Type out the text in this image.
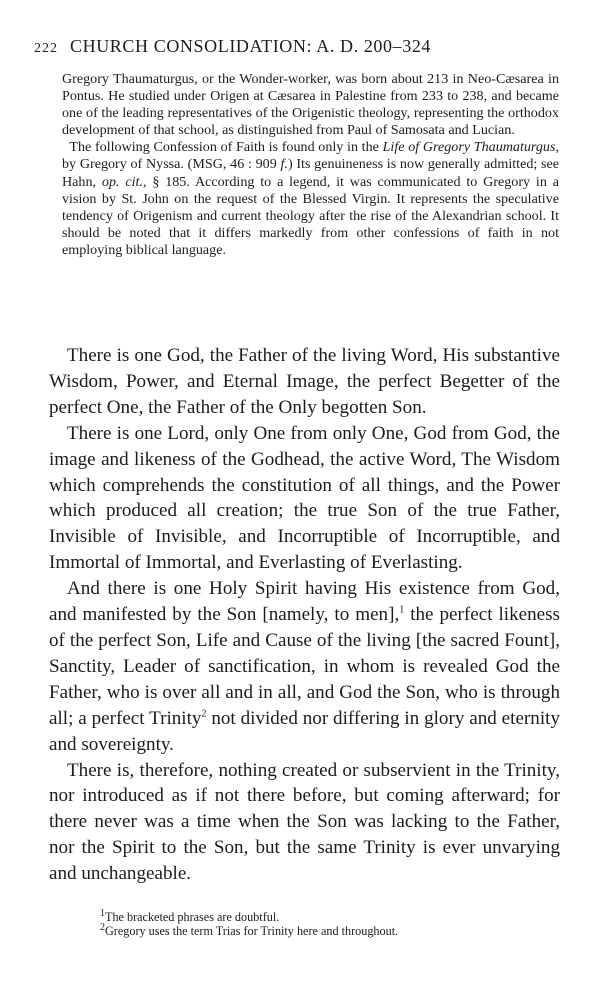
222 CHURCH CONSOLIDATION: A. D. 200–324

Gregory Thaumaturgus, or the Wonder-worker, was born about 213 in Neo-Cæsarea in Pontus. He studied under Origen at Cæsarea in Palestine from 233 to 238, and became one of the leading representatives of the Origenistic theology, representing the orthodox development of that school, as distinguished from Paul of Samosata and Lucian.

The following Confession of Faith is found only in the Life of Gregory Thaumaturgus, by Gregory of Nyssa. (MSG, 46 : 909 f.) Its genuineness is now generally admitted; see Hahn, op. cit., § 185. According to a legend, it was communicated to Gregory in a vision by St. John on the request of the Blessed Virgin. It represents the speculative tendency of Origenism and current theology after the rise of the Alexandrian school. It should be noted that it differs markedly from other confessions of faith in not employing biblical language.

There is one God, the Father of the living Word, His substantive Wisdom, Power, and Eternal Image, the perfect Begetter of the perfect One, the Father of the Only begotten Son.

There is one Lord, only One from only One, God from God, the image and likeness of the Godhead, the active Word, The Wisdom which comprehends the constitution of all things, and the Power which produced all creation; the true Son of the true Father, Invisible of Invisible, and Incorruptible of Incorruptible, and Immortal of Immortal, and Everlasting of Everlasting.

And there is one Holy Spirit having His existence from God, and manifested by the Son [namely, to men],$^1$ the perfect likeness of the perfect Son, Life and Cause of the living [the sacred Fount], Sanctity, Leader of sanctification, in whom is revealed God the Father, who is over all and in all, and God the Son, who is through all; a perfect Trinity$^2$ not divided nor differing in glory and eternity and sovereignty.

There is, therefore, nothing created or subservient in the Trinity, nor introduced as if not there before, but coming afterward; for there never was a time when the Son was lacking to the Father, nor the Spirit to the Son, but the same Trinity is ever unvarying and unchangeable.

$^1$The bracketed phrases are doubtful.

$^2$Gregory uses the term Trias for Trinity here and throughout.
